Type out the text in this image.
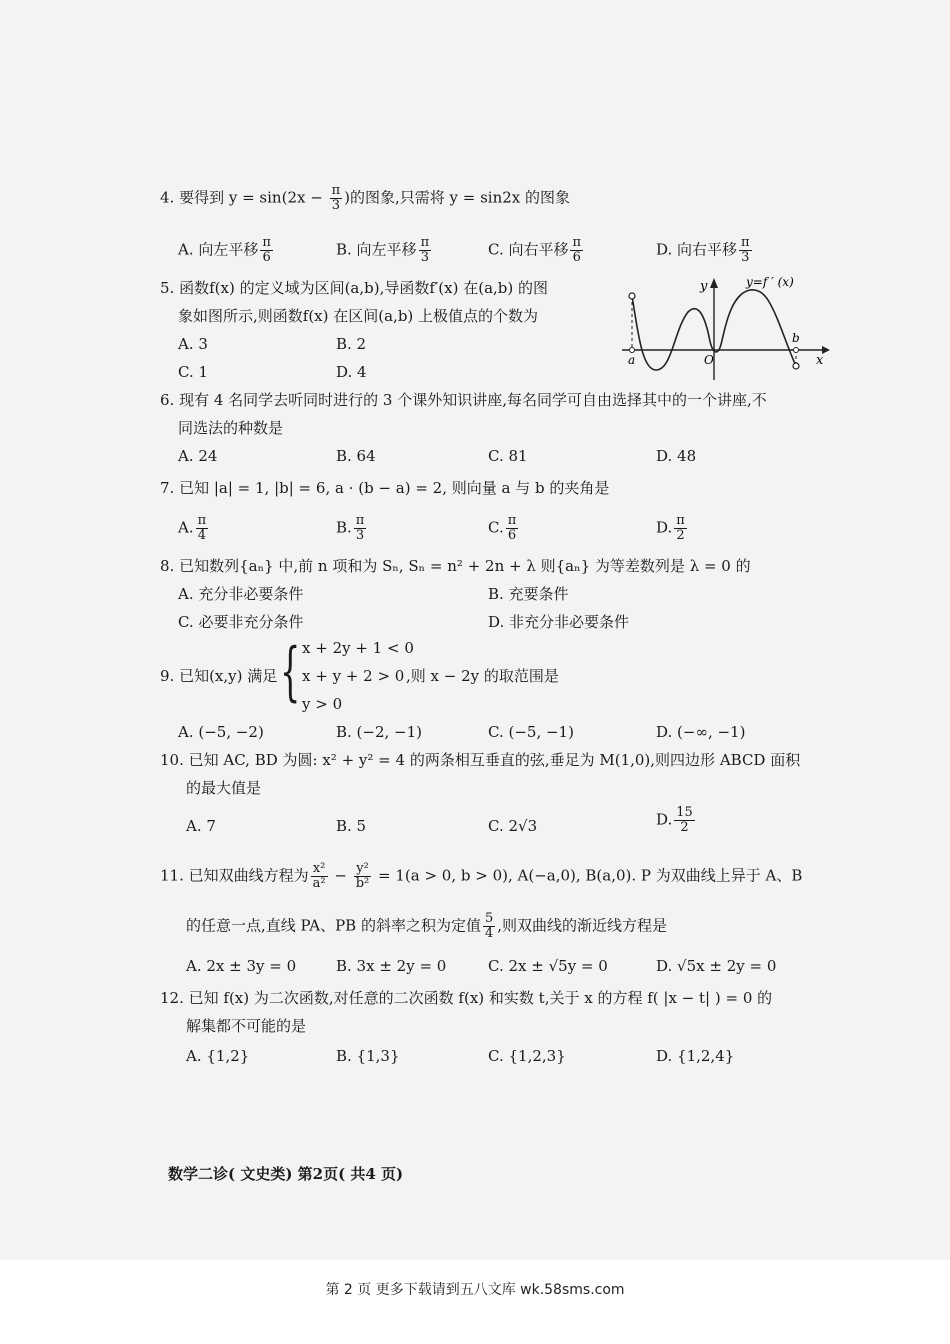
4. 要得到 $y = \sin(2x - \frac{\pi}{3}$ )的图象,只需将 y = sin2x 的图象
A. 向左平移 $\frac{\pi}{6}$	B. 向左平移 $\frac{\pi}{3}$	C. 向右平移 $\frac{\pi}{6}$	D. 向右平移 $\frac{\pi}{3}$
5. 函数f(x) 的定义域为区间(a,b),导函数f′(x) 在(a,b) 的图
象如图所示,则函数f(x) 在区间(a,b) 上极值点的个数为
A. 3	B. 2
C. 1	D. 4
y	y=f ′ (x)
x
a	O
b
6. 现有 4 名同学去听同时进行的 3 个课外知识讲座,每名同学可自由选择其中的一个讲座,不
同选法的种数是
A. 24	B. 64	C. 81	D. 48
7. 已知 |a| = 1, |b| = 6, a · (b − a) = 2, 则向量 a 与 b 的夹角是
A. $\frac{\pi}{4}$	B. $\frac{\pi}{3}$	C. $\frac{\pi}{6}$	D. $\frac{\pi}{2}$
8. 已知数列{aₙ} 中,前 n 项和为 Sₙ, Sₙ = n² + 2n + λ 则{aₙ} 为等差数列是 λ = 0 的
A. 充分非必要条件	B. 充要条件
C. 必要非充分条件	D. 非充分非必要条件
9. 已知(x,y) 满足 { x + 2y + 1 < 0
x + y + 2 > 0
y > 0
,则 x − 2y 的取范围是
A. (−5, −2)	B. (−2, −1)	C. (−5, −1)	D. (−∞, −1)
10. 已知 AC, BD 为圆: x² + y² = 4 的两条相互垂直的弦,垂足为 M(1,0),则四边形 ABCD 面积
的最大值是
A. 7	B. 5	C. 2√3	D. $\frac{15}{2}$
11. 已知双曲线方程为 $\frac{\text{x²}}{\text{a²}} - \frac{\text{y²}}{\text{b²}} = 1(a > 0$, b > 0), A(−a,0), B(a,0). P 为双曲线上异于 A、B
的任意一点,直线 PA、PB 的斜率之积为定值 $\frac{5}{4}$ ,则双曲线的渐近线方程是
A. 2x ± 3y = 0	B. 3x ± 2y = 0	C. 2x ± √5y = 0	D. √5x ± 2y = 0
12. 已知 f(x) 为二次函数,对任意的二次函数 f(x) 和实数 t,关于 x 的方程 f( |x − t| ) = 0 的
解集都不可能的是
A. {1,2}	B. {1,3}	C. {1,2,3}	D. {1,2,4}
数学二诊( 文史类) 第2页( 共4 页)
第 2 页 更多下载请到五八文库 wk.58sms.com
